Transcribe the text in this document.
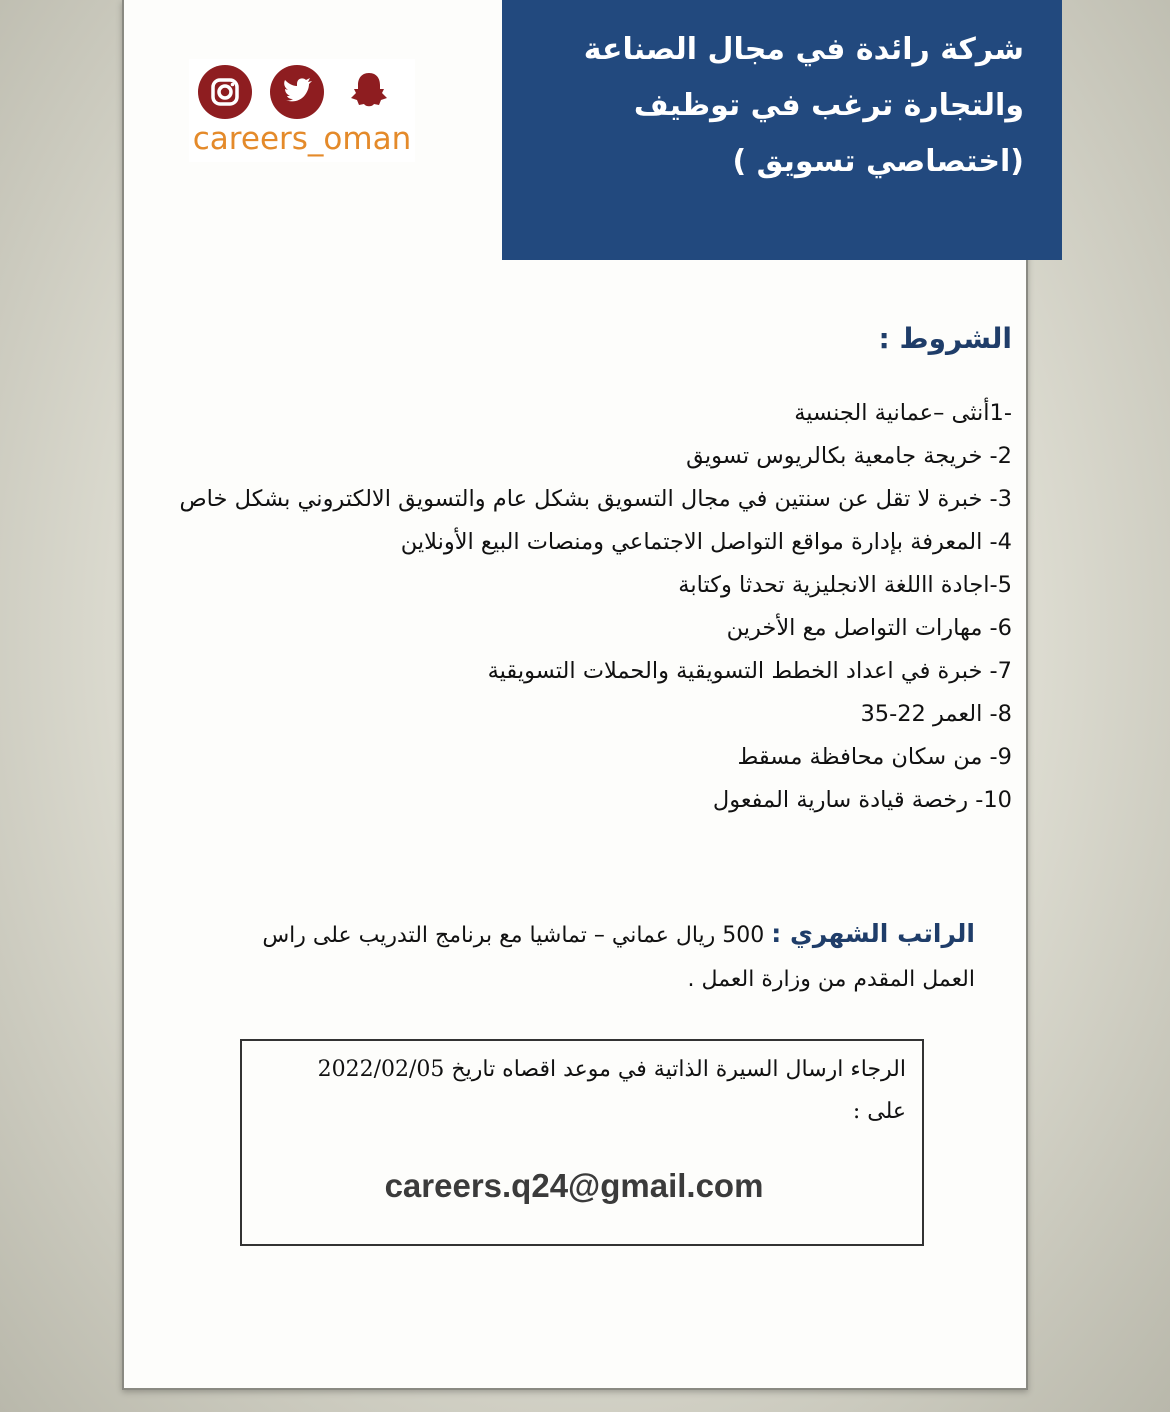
شركة رائدة في مجال الصناعة
والتجارة ترغب في توظيف
(اختصاصي تسويق )
careers_oman
الشروط :
-1أنثى –عمانية الجنسية
2- خريجة جامعية بكالريوس تسويق
3- خبرة لا تقل عن سنتين في مجال التسويق بشكل عام والتسويق الالكتروني بشكل خاص
4- المعرفة بإدارة مواقع التواصل الاجتماعي ومنصات البيع الأونلاين
5-اجادة االلغة الانجليزية تحدثا وكتابة
6- مهارات التواصل مع الأخرين
7- خبرة في اعداد الخطط التسويقية والحملات التسويقية
8- العمر 22-35
9- من سكان محافظة مسقط
10- رخصة قيادة سارية المفعول
الراتب الشهري : 500 ريال عماني – تماشيا مع برنامج التدريب على راس العمل المقدم من وزارة العمل .
الرجاء ارسال السيرة الذاتية في موعد اقصاه تاريخ 2022/02/05
على :
careers.q24@gmail.com
